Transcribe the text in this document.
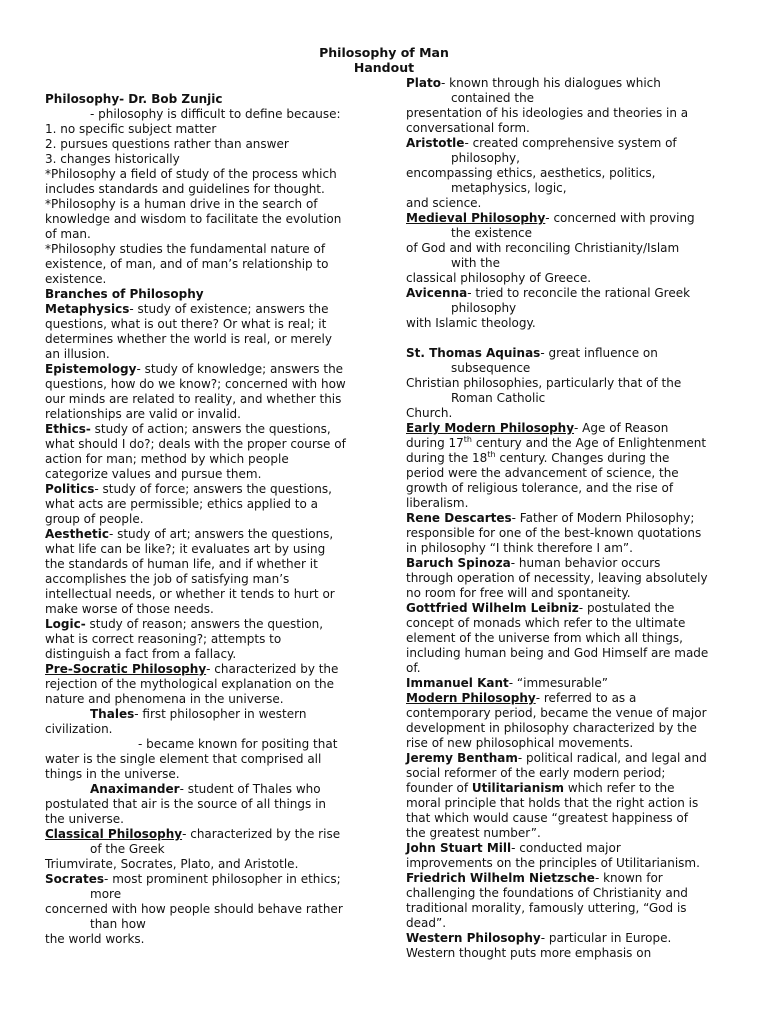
Philosophy of Man
Handout
Philosophy- Dr. Bob Zunjic
- philosophy is difficult to define because:
1. no specific subject matter
2. pursues questions rather than answer
3. changes historically
*Philosophy a field of study of the process which
includes standards and guidelines for thought.
*Philosophy is a human drive in the search of
knowledge and wisdom to facilitate the evolution
of man.
*Philosophy studies the fundamental nature of
existence, of man, and of man’s relationship to
existence.
Branches of Philosophy
Metaphysics- study of existence; answers the
questions, what is out there? Or what is real; it
determines whether the world is real, or merely
an illusion.
Epistemology- study of knowledge; answers the
questions, how do we know?; concerned with how
our minds are related to reality, and whether this
relationships are valid or invalid.
Ethics- study of action; answers the questions,
what should I do?; deals with the proper course of
action for man; method by which people
categorize values and pursue them.
Politics- study of force; answers the questions,
what acts are permissible; ethics applied to a
group of people.
Aesthetic- study of art; answers the questions,
what life can be like?; it evaluates art by using
the standards of human life, and if whether it
accomplishes the job of satisfying man’s
intellectual needs, or whether it tends to hurt or
make worse of those needs.
Logic- study of reason; answers the question,
what is correct reasoning?; attempts to
distinguish a fact from a fallacy.
Pre-Socratic Philosophy- characterized by the
rejection of the mythological explanation on the
nature and phenomena in the universe.
Thales- first philosopher in western
civilization.
- became known for positing that
water is the single element that comprised all
things in the universe.
Anaximander- student of Thales who
postulated that air is the source of all things in
the universe.
Classical Philosophy- characterized by the rise
of the Greek
Triumvirate, Socrates, Plato, and Aristotle.
Socrates- most prominent philosopher in ethics;
more
concerned with how people should behave rather
than how
the world works.
Plato- known through his dialogues which
contained the
presentation of his ideologies and theories in a
conversational form.
Aristotle- created comprehensive system of
philosophy,
encompassing ethics, aesthetics, politics,
metaphysics, logic,
and science.
Medieval Philosophy- concerned with proving
the existence
of God and with reconciling Christianity/Islam
with the
classical philosophy of Greece.
Avicenna- tried to reconcile the rational Greek
philosophy
with Islamic theology.
St. Thomas Aquinas- great influence on
subsequence
Christian philosophies, particularly that of the
Roman Catholic
Church.
Early Modern Philosophy- Age of Reason
during 17th century and the Age of Enlightenment
during the 18th century. Changes during the
period were the advancement of science, the
growth of religious tolerance, and the rise of
liberalism.
Rene Descartes- Father of Modern Philosophy;
responsible for one of the best-known quotations
in philosophy “I think therefore I am”.
Baruch Spinoza- human behavior occurs
through operation of necessity, leaving absolutely
no room for free will and spontaneity.
Gottfried Wilhelm Leibniz- postulated the
concept of monads which refer to the ultimate
element of the universe from which all things,
including human being and God Himself are made
of.
Immanuel Kant- “immesurable”
Modern Philosophy- referred to as a
contemporary period, became the venue of major
development in philosophy characterized by the
rise of new philosophical movements.
Jeremy Bentham- political radical, and legal and
social reformer of the early modern period;
founder of Utilitarianism which refer to the
moral principle that holds that the right action is
that which would cause “greatest happiness of
the greatest number”.
John Stuart Mill- conducted major
improvements on the principles of Utilitarianism.
Friedrich Wilhelm Nietzsche- known for
challenging the foundations of Christianity and
traditional morality, famously uttering, “God is
dead”.
Western Philosophy- particular in Europe.
Western thought puts more emphasis on
